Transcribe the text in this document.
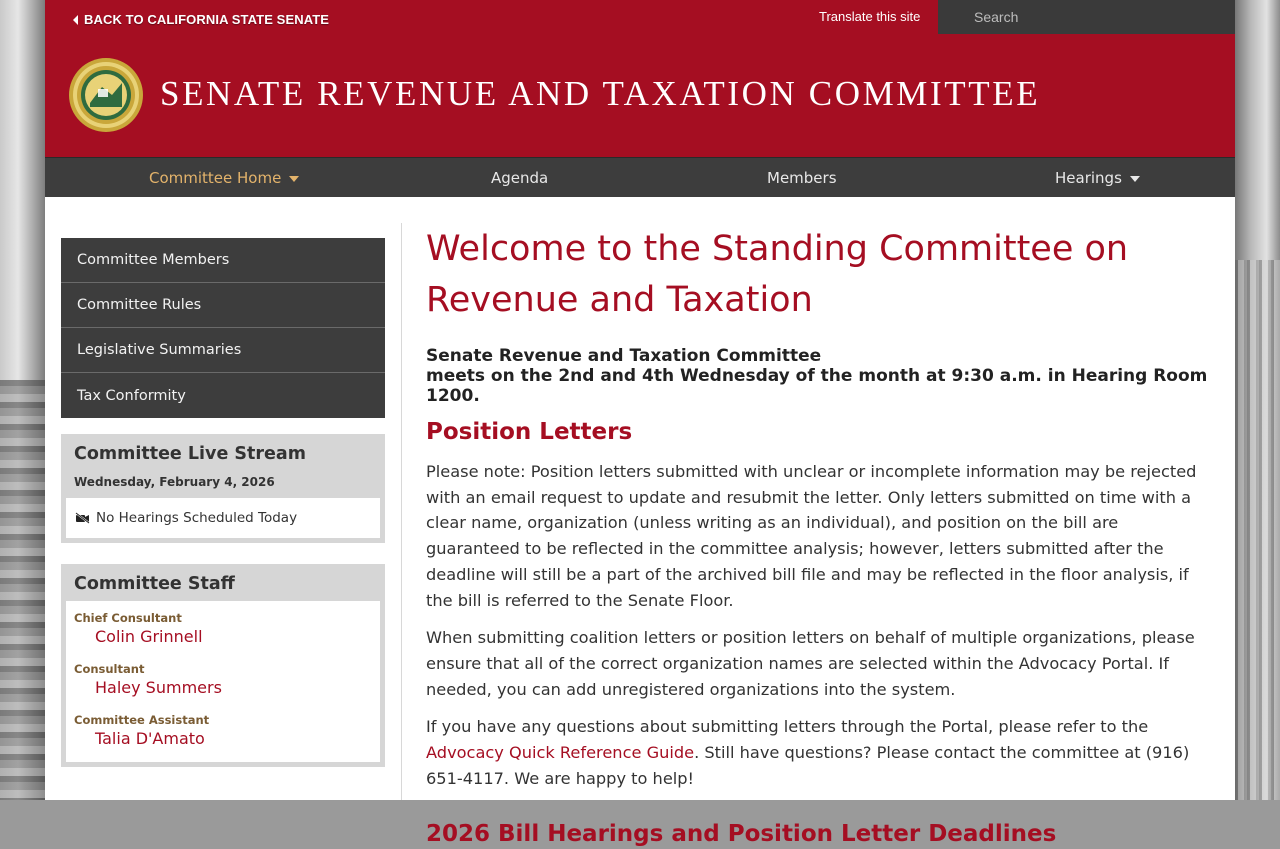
BACK TO CALIFORNIA STATE SENATE	Translate this site	Search
SENATE REVENUE AND TAXATION COMMITTEE
Committee Home	Agenda	Members	Hearings
Committee Members
Committee Rules
Legislative Summaries
Tax Conformity
Committee Live Stream
Wednesday, February 4, 2026
No Hearings Scheduled Today
Committee Staff
Chief Consultant
Colin Grinnell
Consultant
Haley Summers
Committee Assistant
Talia D'Amato
Welcome to the Standing Committee on Revenue and Taxation
Senate Revenue and Taxation Committee
meets on the 2nd and 4th Wednesday of the month at 9:30 a.m. in Hearing Room 1200.
Position Letters

Please note: Position letters submitted with unclear or incomplete information may be rejected with an email request to update and resubmit the letter. Only letters submitted on time with a clear name, organization (unless writing as an individual), and position on the bill are guaranteed to be reflected in the committee analysis; however, letters submitted after the deadline will still be a part of the archived bill file and may be reflected in the floor analysis, if the bill is referred to the Senate Floor.

When submitting coalition letters or position letters on behalf of multiple organizations, please ensure that all of the correct organization names are selected within the Advocacy Portal. If needed, you can add unregistered organizations into the system.

If you have any questions about submitting letters through the Portal, please refer to the Advocacy Quick Reference Guide. Still have questions? Please contact the committee at (916) 651-4117. We are happy to help!

2026 Bill Hearings and Position Letter Deadlines
